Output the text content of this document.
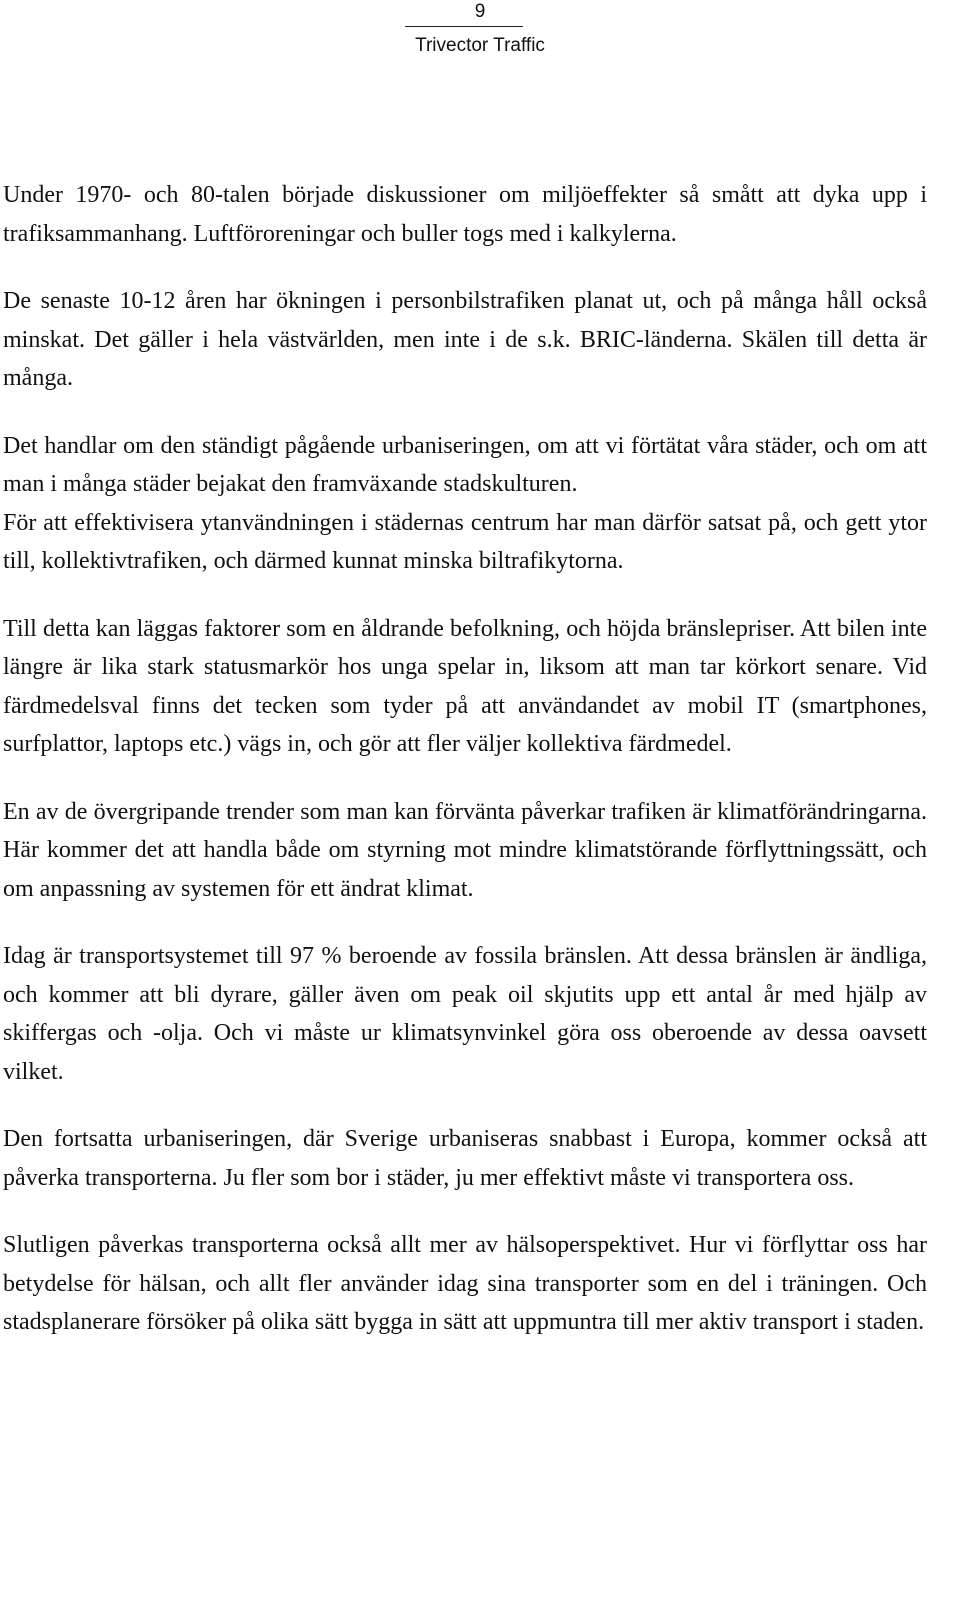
9
Trivector Traffic

Under 1970- och 80-talen började diskussioner om miljöeffekter så smått att dyka upp i trafiksammanhang. Luftföroreningar och buller togs med i kalkylerna.

De senaste 10-12 åren har ökningen i personbilstrafiken planat ut, och på många håll också minskat. Det gäller i hela västvärlden, men inte i de s.k. BRIC-länderna. Skälen till detta är många.

Det handlar om den ständigt pågående urbaniseringen, om att vi förtätat våra städer, och om att man i många städer bejakat den framväxande stadskulturen.

För att effektivisera ytanvändningen i städernas centrum har man därför satsat på, och gett ytor till, kollektivtrafiken, och därmed kunnat minska biltrafikytorna.

Till detta kan läggas faktorer som en åldrande befolkning, och höjda bränslepriser. Att bilen inte längre är lika stark statusmarkör hos unga spelar in, liksom att man tar körkort senare. Vid färdmedelsval finns det tecken som tyder på att användandet av mobil IT (smartphones, surfplattor, laptops etc.) vägs in, och gör att fler väljer kollektiva färdmedel.

En av de övergripande trender som man kan förvänta påverkar trafiken är klimatförändringarna. Här kommer det att handla både om styrning mot mindre klimatstörande förflyttningssätt, och om anpassning av systemen för ett ändrat klimat.

Idag är transportsystemet till 97 % beroende av fossila bränslen. Att dessa bränslen är ändliga, och kommer att bli dyrare, gäller även om peak oil skjutits upp ett antal år med hjälp av skiffergas och -olja. Och vi måste ur klimatsynvinkel göra oss oberoende av dessa oavsett vilket.

Den fortsatta urbaniseringen, där Sverige urbaniseras snabbast i Europa, kommer också att påverka transporterna. Ju fler som bor i städer, ju mer effektivt måste vi transportera oss.

Slutligen påverkas transporterna också allt mer av hälsoperspektivet. Hur vi förflyttar oss har betydelse för hälsan, och allt fler använder idag sina transporter som en del i träningen. Och stadsplanerare försöker på olika sätt bygga in sätt att uppmuntra till mer aktiv transport i staden.
